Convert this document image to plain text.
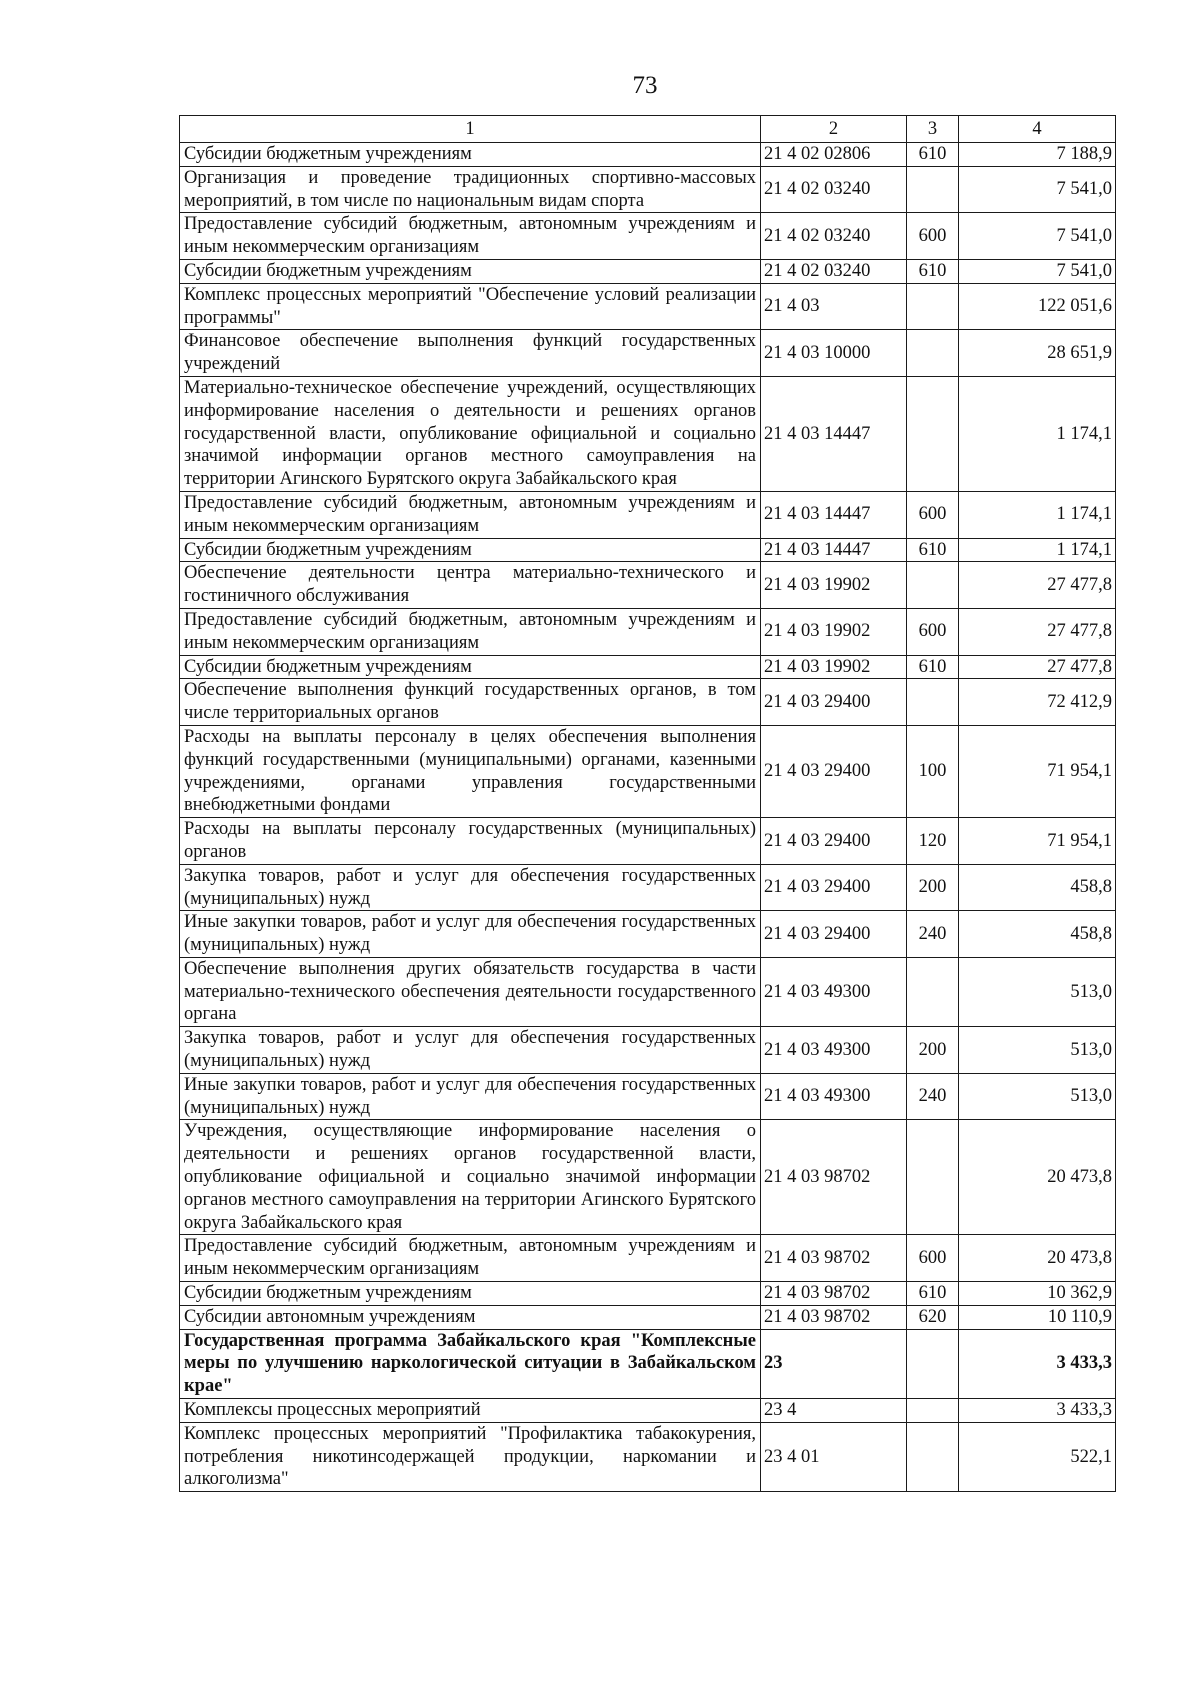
73
1	2	3	4
Субсидии бюджетным учреждениям	21 4 02 02806	610	7 188,9
Организация и проведение традиционных спортивно-массовых мероприятий, в том числе по национальным видам спорта	21 4 02 03240		7 541,0
Предоставление субсидий бюджетным, автономным учреждениям и иным некоммерческим организациям	21 4 02 03240	600	7 541,0
Субсидии бюджетным учреждениям	21 4 02 03240	610	7 541,0
Комплекс процессных мероприятий "Обеспечение условий реализации программы"	21 4 03		122 051,6
Финансовое обеспечение выполнения функций государственных учреждений	21 4 03 10000		28 651,9
Материально-техническое обеспечение учреждений, осуществляющих информирование населения о деятельности и решениях органов государственной власти, опубликование официальной и социально значимой информации органов местного самоуправления на территории Агинского Бурятского округа Забайкальского края	21 4 03 14447		1 174,1
Предоставление субсидий бюджетным, автономным учреждениям и иным некоммерческим организациям	21 4 03 14447	600	1 174,1
Субсидии бюджетным учреждениям	21 4 03 14447	610	1 174,1
Обеспечение деятельности центра материально-технического и гостиничного обслуживания	21 4 03 19902		27 477,8
Предоставление субсидий бюджетным, автономным учреждениям и иным некоммерческим организациям	21 4 03 19902	600	27 477,8
Субсидии бюджетным учреждениям	21 4 03 19902	610	27 477,8
Обеспечение выполнения функций государственных органов, в том числе территориальных органов	21 4 03 29400		72 412,9
Расходы на выплаты персоналу в целях обеспечения выполнения функций государственными (муниципальными) органами, казенными учреждениями, органами управления государственными внебюджетными фондами	21 4 03 29400	100	71 954,1
Расходы на выплаты персоналу государственных (муниципальных) органов	21 4 03 29400	120	71 954,1
Закупка товаров, работ и услуг для обеспечения государственных (муниципальных) нужд	21 4 03 29400	200	458,8
Иные закупки товаров, работ и услуг для обеспечения государственных (муниципальных) нужд	21 4 03 29400	240	458,8
Обеспечение выполнения других обязательств государства в части материально-технического обеспечения деятельности государственного органа	21 4 03 49300		513,0
Закупка товаров, работ и услуг для обеспечения государственных (муниципальных) нужд	21 4 03 49300	200	513,0
Иные закупки товаров, работ и услуг для обеспечения государственных (муниципальных) нужд	21 4 03 49300	240	513,0
Учреждения, осуществляющие информирование населения о деятельности и решениях органов государственной власти, опубликование официальной и социально значимой информации органов местного самоуправления на территории Агинского Бурятского округа Забайкальского края	21 4 03 98702		20 473,8
Предоставление субсидий бюджетным, автономным учреждениям и иным некоммерческим организациям	21 4 03 98702	600	20 473,8
Субсидии бюджетным учреждениям	21 4 03 98702	610	10 362,9
Субсидии автономным учреждениям	21 4 03 98702	620	10 110,9
Государственная программа Забайкальского края "Комплексные меры по улучшению наркологической ситуации в Забайкальском крае"	23		3 433,3
Комплексы процессных мероприятий	23 4		3 433,3
Комплекс процессных мероприятий "Профилактика табакокурения, потребления никотинсодержащей продукции, наркомании и алкоголизма"	23 4 01		522,1
